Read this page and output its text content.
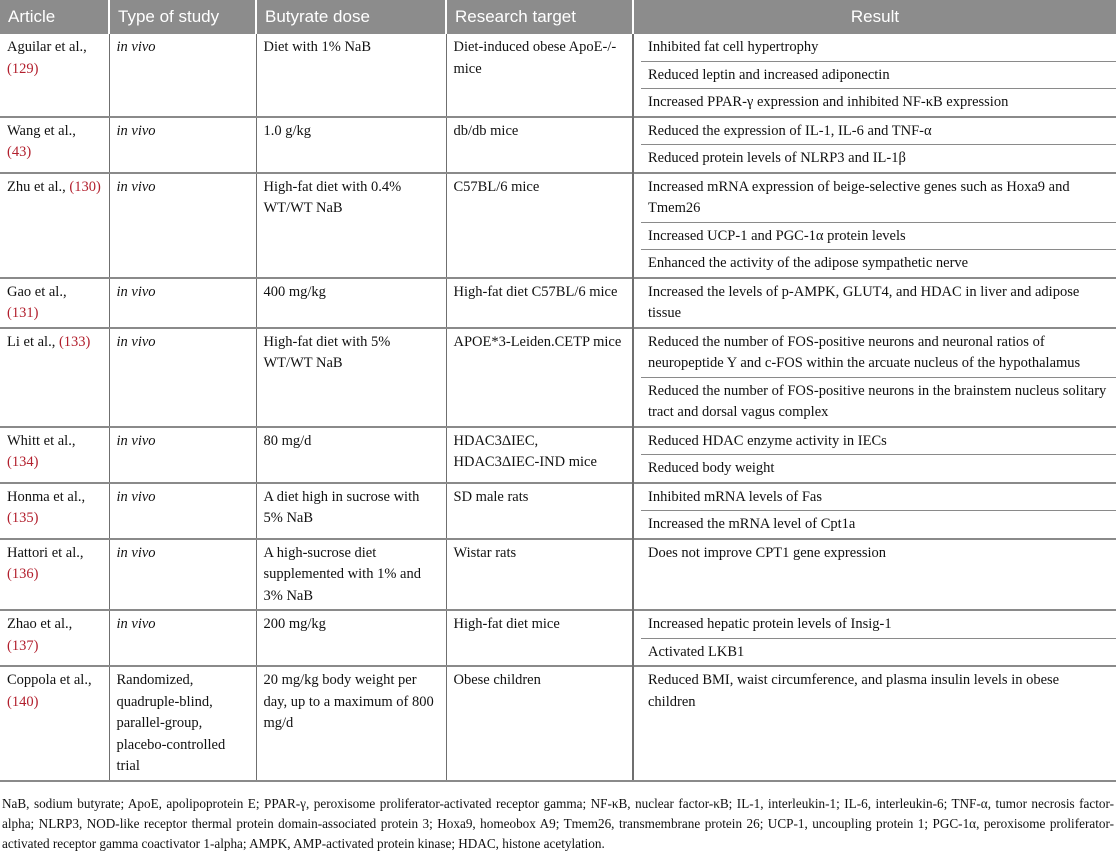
Article	Type of study	Butyrate dose	Research target	Result
Aguilar et al., (129)	in vivo	Diet with 1% NaB	Diet-induced obese ApoE-/- mice	Inhibited fat cell hypertrophy
Reduced leptin and increased adiponectin
Increased PPAR-γ expression and inhibited NF-κB expression

Wang et al., (43)	in vivo	1.0 g/kg	db/db mice	Reduced the expression of IL-1, IL-6 and TNF-α
Reduced protein levels of NLRP3 and IL-1β

Zhu et al., (130)	in vivo	High-fat diet with 0.4% WT/WT NaB	C57BL/6 mice	Increased mRNA expression of beige-selective genes such as Hoxa9 and Tmem26
Increased UCP-1 and PGC-1α protein levels
Enhanced the activity of the adipose sympathetic nerve

Gao et al., (131)	in vivo	400 mg/kg	High-fat diet C57BL/6 mice	Increased the levels of p-AMPK, GLUT4, and HDAC in liver and adipose tissue

Li et al., (133)	in vivo	High-fat diet with 5% WT/WT NaB	APOE*3-Leiden.CETP mice	Reduced the number of FOS-positive neurons and neuronal ratios of neuropeptide Y and c-FOS within the arcuate nucleus of the hypothalamus
Reduced the number of FOS-positive neurons in the brainstem nucleus solitary tract and dorsal vagus complex

Whitt et al., (134)	in vivo	80 mg/d	HDAC3ΔIEC, HDAC3ΔIEC-IND mice	Reduced HDAC enzyme activity in IECs
Reduced body weight

Honma et al., (135)	in vivo	A diet high in sucrose with 5% NaB	SD male rats	Inhibited mRNA levels of Fas
Increased the mRNA level of Cpt1a

Hattori et al., (136)	in vivo	A high-sucrose diet supplemented with 1% and 3% NaB	Wistar rats	Does not improve CPT1 gene expression

Zhao et al., (137)	in vivo	200 mg/kg	High-fat diet mice	Increased hepatic protein levels of Insig-1
Activated LKB1

Coppola et al., (140)	Randomized, quadruple-blind, parallel-group, placebo-controlled trial	20 mg/kg body weight per day, up to a maximum of 800 mg/d	Obese children	Reduced BMI, waist circumference, and plasma insulin levels in obese children
NaB, sodium butyrate; ApoE, apolipoprotein E; PPAR-γ, peroxisome proliferator-activated receptor gamma; NF-κB, nuclear factor-κB; IL-1, interleukin-1; IL-6, interleukin-6; TNF-α, tumor necrosis factor-alpha; NLRP3, NOD-like receptor thermal protein domain-associated protein 3; Hoxa9, homeobox A9; Tmem26, transmembrane protein 26; UCP-1, uncoupling protein 1; PGC-1α, peroxisome proliferator-activated receptor gamma coactivator 1-alpha; AMPK, AMP-activated protein kinase; HDAC, histone acetylation.
